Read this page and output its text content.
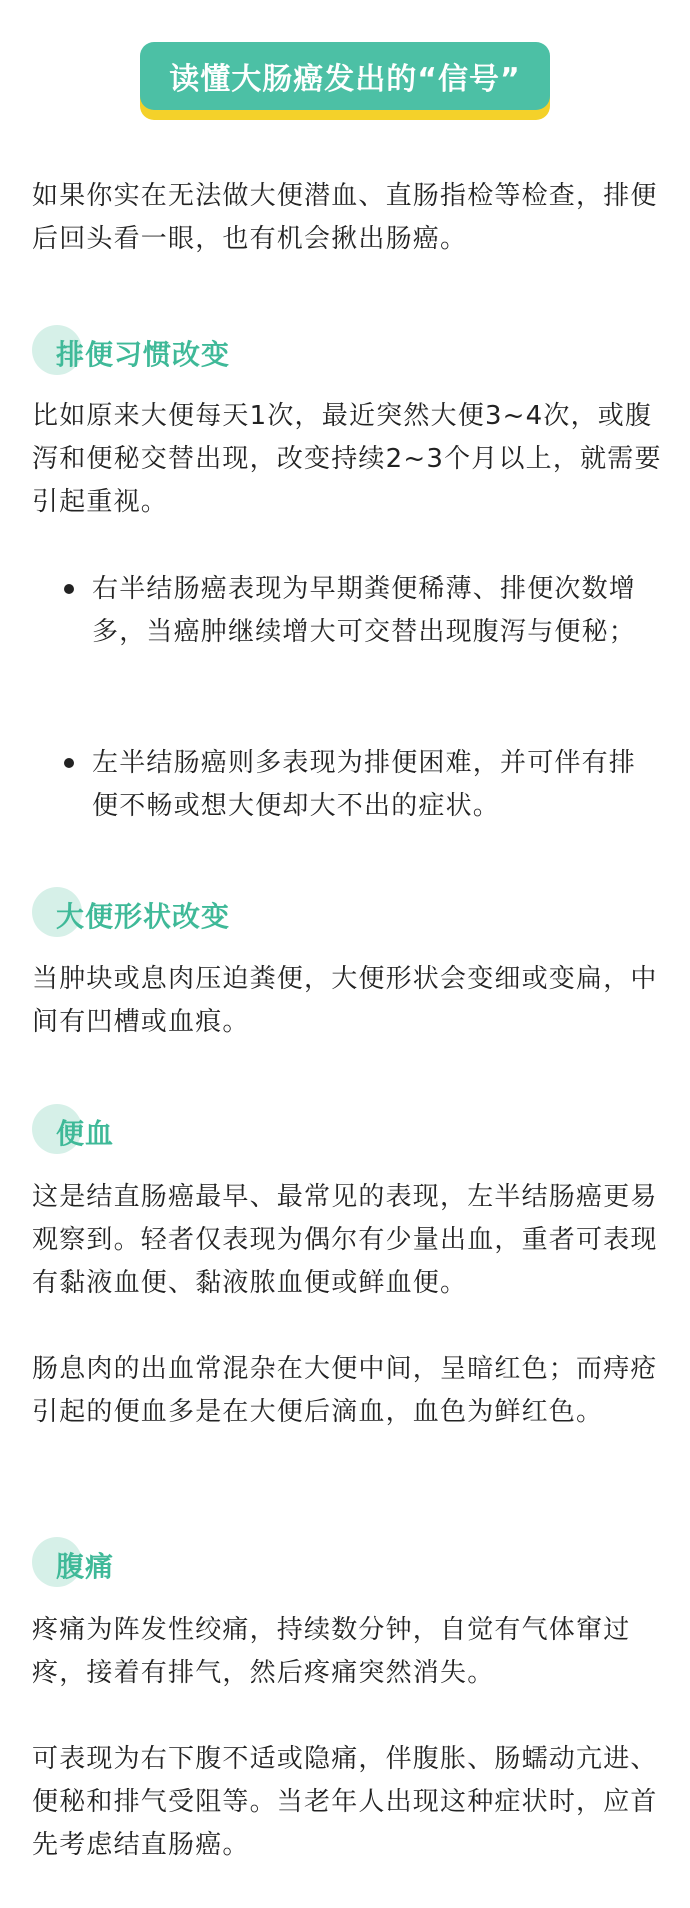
读懂大肠癌发出的“信号”

如果你实在无法做大便潜血、直肠指检等检查，排便后回头看一眼，也有机会揪出肠癌。

排便习惯改变

比如原来大便每天1次，最近突然大便3~4次，或腹泻和便秘交替出现，改变持续2~3个月以上，就需要引起重视。

右半结肠癌表现为早期粪便稀薄、排便次数增多，当癌肿继续增大可交替出现腹泻与便秘；

左半结肠癌则多表现为排便困难，并可伴有排便不畅或想大便却大不出的症状。

大便形状改变

当肿块或息肉压迫粪便，大便形状会变细或变扁，中间有凹槽或血痕。

便血

这是结直肠癌最早、最常见的表现，左半结肠癌更易观察到。轻者仅表现为偶尔有少量出血，重者可表现有黏液血便、黏液脓血便或鲜血便。

肠息肉的出血常混杂在大便中间，呈暗红色；而痔疮引起的便血多是在大便后滴血，血色为鲜红色。

腹痛

疼痛为阵发性绞痛，持续数分钟，自觉有气体窜过疼，接着有排气，然后疼痛突然消失。

可表现为右下腹不适或隐痛，伴腹胀、肠蠕动亢进、便秘和排气受阻等。当老年人出现这种症状时，应首先考虑结直肠癌。
